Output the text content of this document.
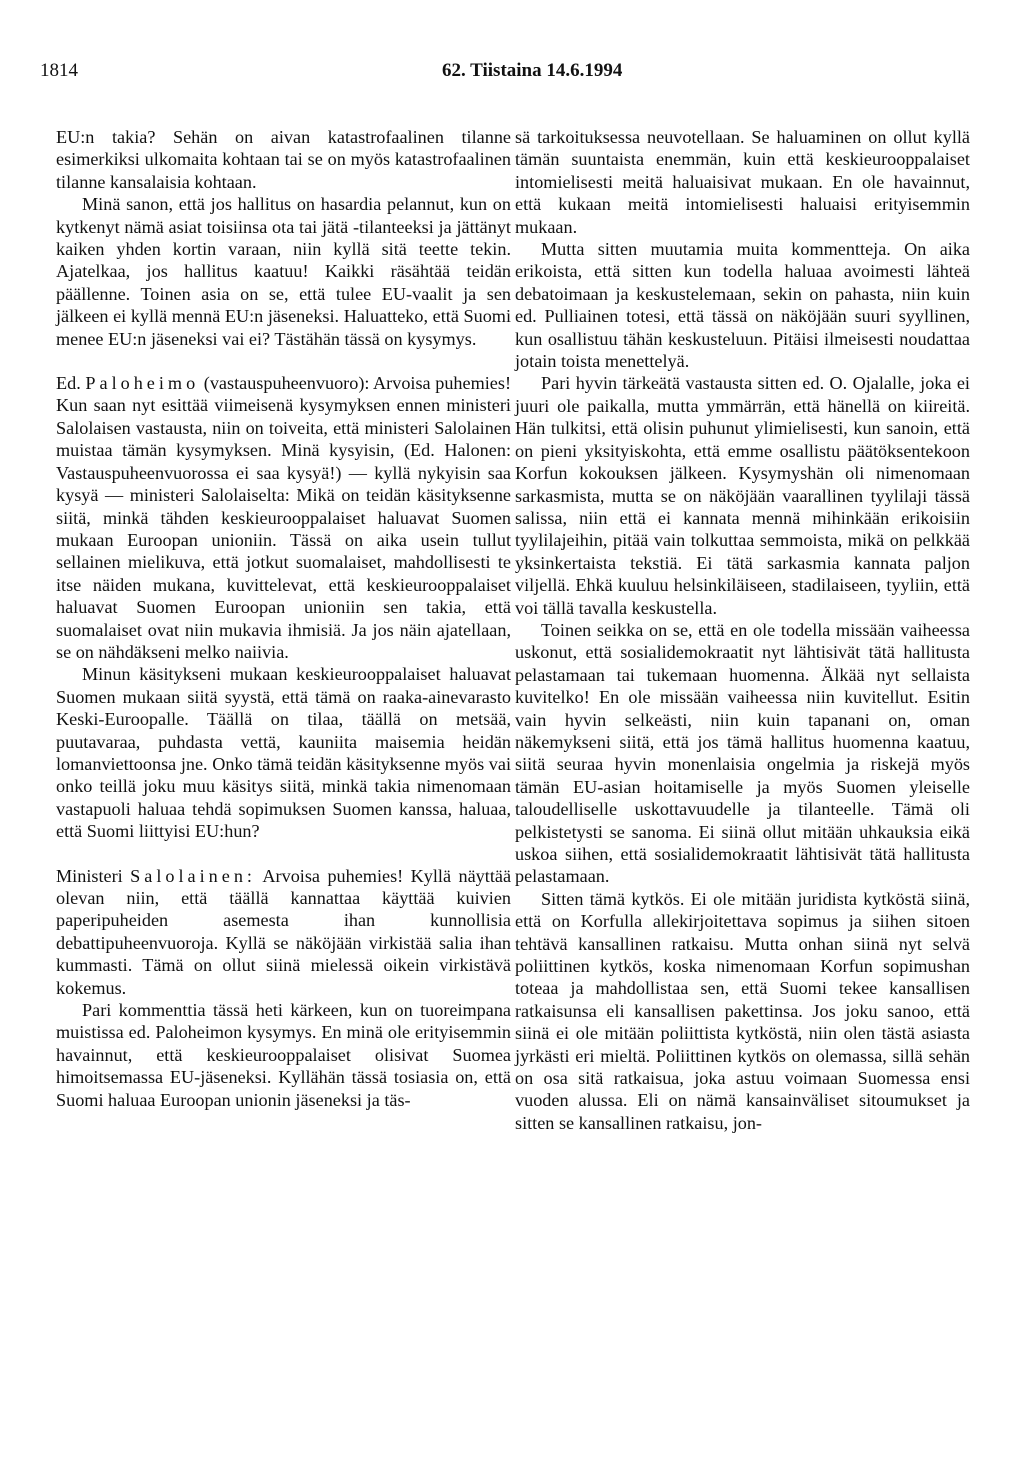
1814	62. Tiistaina 14.6.1994

EU:n takia? Sehän on aivan katastrofaalinen tilanne esimerkiksi ulkomaita kohtaan tai se on myös katastrofaalinen tilanne kansalaisia kohtaan.

Minä sanon, että jos hallitus on hasardia pelannut, kun on kytkenyt nämä asiat toisiinsa ota tai jätä -tilanteeksi ja jättänyt kaiken yhden kortin varaan, niin kyllä sitä teette tekin. Ajatelkaa, jos hallitus kaatuu! Kaikki räsähtää teidän päällenne. Toinen asia on se, että tulee EU-vaalit ja sen jälkeen ei kyllä mennä EU:n jäseneksi. Haluatteko, että Suomi menee EU:n jäseneksi vai ei? Tästähän tässä on kysymys.

Ed. Paloheimo (vastauspuheenvuoro): Arvoisa puhemies! Kun saan nyt esittää viimeisenä kysymyksen ennen ministeri Salolaisen vastausta, niin on toiveita, että ministeri Salolainen muistaa tämän kysymyksen. Minä kysyisin, (Ed. Halonen: Vastauspuheenvuorossa ei saa kysyä!) — kyllä nykyisin saa kysyä — ministeri Salolaiselta: Mikä on teidän käsityksenne siitä, minkä tähden keskieurooppalaiset haluavat Suomen mukaan Euroopan unioniin. Tässä on aika usein tullut sellainen mielikuva, että jotkut suomalaiset, mahdollisesti te itse näiden mukana, kuvittelevat, että keskieurooppalaiset haluavat Suomen Euroopan unioniin sen takia, että suomalaiset ovat niin mukavia ihmisiä. Ja jos näin ajatellaan, se on nähdäkseni melko naiivia.

Minun käsitykseni mukaan keskieurooppalaiset haluavat Suomen mukaan siitä syystä, että tämä on raaka-ainevarasto Keski-Euroopalle. Täällä on tilaa, täällä on metsää, puutavaraa, puhdasta vettä, kauniita maisemia heidän lomanviettoonsa jne. Onko tämä teidän käsityksenne myös vai onko teillä joku muu käsitys siitä, minkä takia nimenomaan vastapuoli haluaa tehdä sopimuksen Suomen kanssa, haluaa, että Suomi liittyisi EU:hun?

Ministeri Salolainen: Arvoisa puhemies! Kyllä näyttää olevan niin, että täällä kannattaa käyttää kuivien paperipuheiden asemesta ihan kunnollisia debattipuheenvuoroja. Kyllä se näköjään virkistää salia ihan kummasti. Tämä on ollut siinä mielessä oikein virkistävä kokemus.

Pari kommenttia tässä heti kärkeen, kun on tuoreimpana muistissa ed. Paloheimon kysymys. En minä ole erityisemmin havainnut, että keskieurooppalaiset olisivat Suomea himoitsemassa EU-jäseneksi. Kyllähän tässä tosiasia on, että Suomi haluaa Euroopan unionin jäseneksi ja täs-

sä tarkoituksessa neuvotellaan. Se haluaminen on ollut kyllä tämän suuntaista enemmän, kuin että keskieurooppalaiset intomielisesti meitä haluaisivat mukaan. En ole havainnut, että kukaan meitä intomielisesti haluaisi erityisemmin mukaan.

Mutta sitten muutamia muita kommentteja. On aika erikoista, että sitten kun todella haluaa avoimesti lähteä debatoimaan ja keskustelemaan, sekin on pahasta, niin kuin ed. Pulliainen totesi, että tässä on näköjään suuri syyllinen, kun osallistuu tähän keskusteluun. Pitäisi ilmeisesti noudattaa jotain toista menettelyä.

Pari hyvin tärkeätä vastausta sitten ed. O. Ojalalle, joka ei juuri ole paikalla, mutta ymmärrän, että hänellä on kiireitä. Hän tulkitsi, että olisin puhunut ylimielisesti, kun sanoin, että on pieni yksityiskohta, että emme osallistu päätöksentekoon Korfun kokouksen jälkeen. Kysymyshän oli nimenomaan sarkasmista, mutta se on näköjään vaarallinen tyylilaji tässä salissa, niin että ei kannata mennä mihinkään erikoisiin tyylilajeihin, pitää vain tolkuttaa semmoista, mikä on pelkkää yksinkertaista tekstiä. Ei tätä sarkasmia kannata paljon viljellä. Ehkä kuuluu helsinkiläiseen, stadilaiseen, tyyliin, että voi tällä tavalla keskustella.

Toinen seikka on se, että en ole todella missään vaiheessa uskonut, että sosialidemokraatit nyt lähtisivät tätä hallitusta pelastamaan tai tukemaan huomenna. Älkää nyt sellaista kuvitelko! En ole missään vaiheessa niin kuvitellut. Esitin vain hyvin selkeästi, niin kuin tapanani on, oman näkemykseni siitä, että jos tämä hallitus huomenna kaatuu, siitä seuraa hyvin monenlaisia ongelmia ja riskejä myös tämän EU-asian hoitamiselle ja myös Suomen yleiselle taloudelliselle uskottavuudelle ja tilanteelle. Tämä oli pelkistetysti se sanoma. Ei siinä ollut mitään uhkauksia eikä uskoa siihen, että sosialidemokraatit lähtisivät tätä hallitusta pelastamaan.

Sitten tämä kytkös. Ei ole mitään juridista kytköstä siinä, että on Korfulla allekirjoitettava sopimus ja siihen sitoen tehtävä kansallinen ratkaisu. Mutta onhan siinä nyt selvä poliittinen kytkös, koska nimenomaan Korfun sopimushan toteaa ja mahdollistaa sen, että Suomi tekee kansallisen ratkaisunsa eli kansallisen pakettinsa. Jos joku sanoo, että siinä ei ole mitään poliittista kytköstä, niin olen tästä asiasta jyrkästi eri mieltä. Poliittinen kytkös on olemassa, sillä sehän on osa sitä ratkaisua, joka astuu voimaan Suomessa ensi vuoden alussa. Eli on nämä kansainväliset sitoumukset ja sitten se kansallinen ratkaisu, jon-
